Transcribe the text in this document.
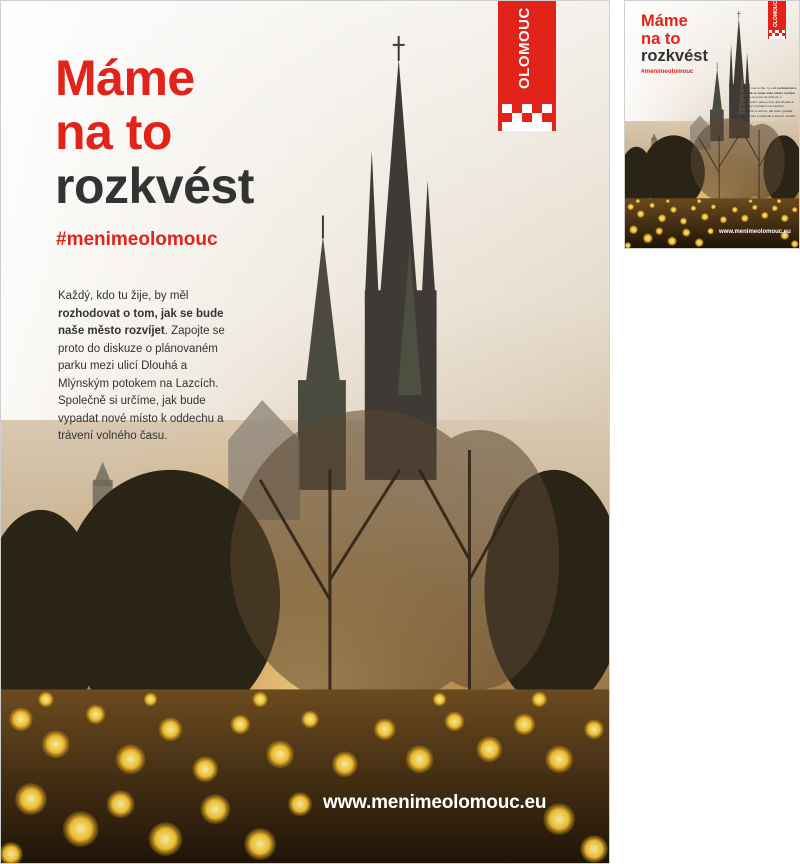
OLOMOUC
Máme
na to
rozkvést
#menimeolomouc

Každý, kdo tu žije, by měl rozhodovat o tom, jak se bude naše město rozvíjet. Zapojte se proto do diskuze o plánovaném parku mezi ulicí Dlouhá a Mlýnským potokem na Lazcích. Společně si určíme, jak bude vypadat nové místo k oddechu a trávení volného času.

www.menimeolomouc.eu
OLOMOUC
Máme
na to
rozkvést
#menimeolomouc

Každý, kdo tu žije, by měl rozhodovat o tom, jak se bude naše město rozvíjet. Zapojte se proto do diskuze o plánovaném parku mezi ulicí Dlouhá a Mlýnským potokem na Lazcích. Společně si určíme, jak bude vypadat nové místo k oddechu a trávení volného času.

www.menimeolomouc.eu
